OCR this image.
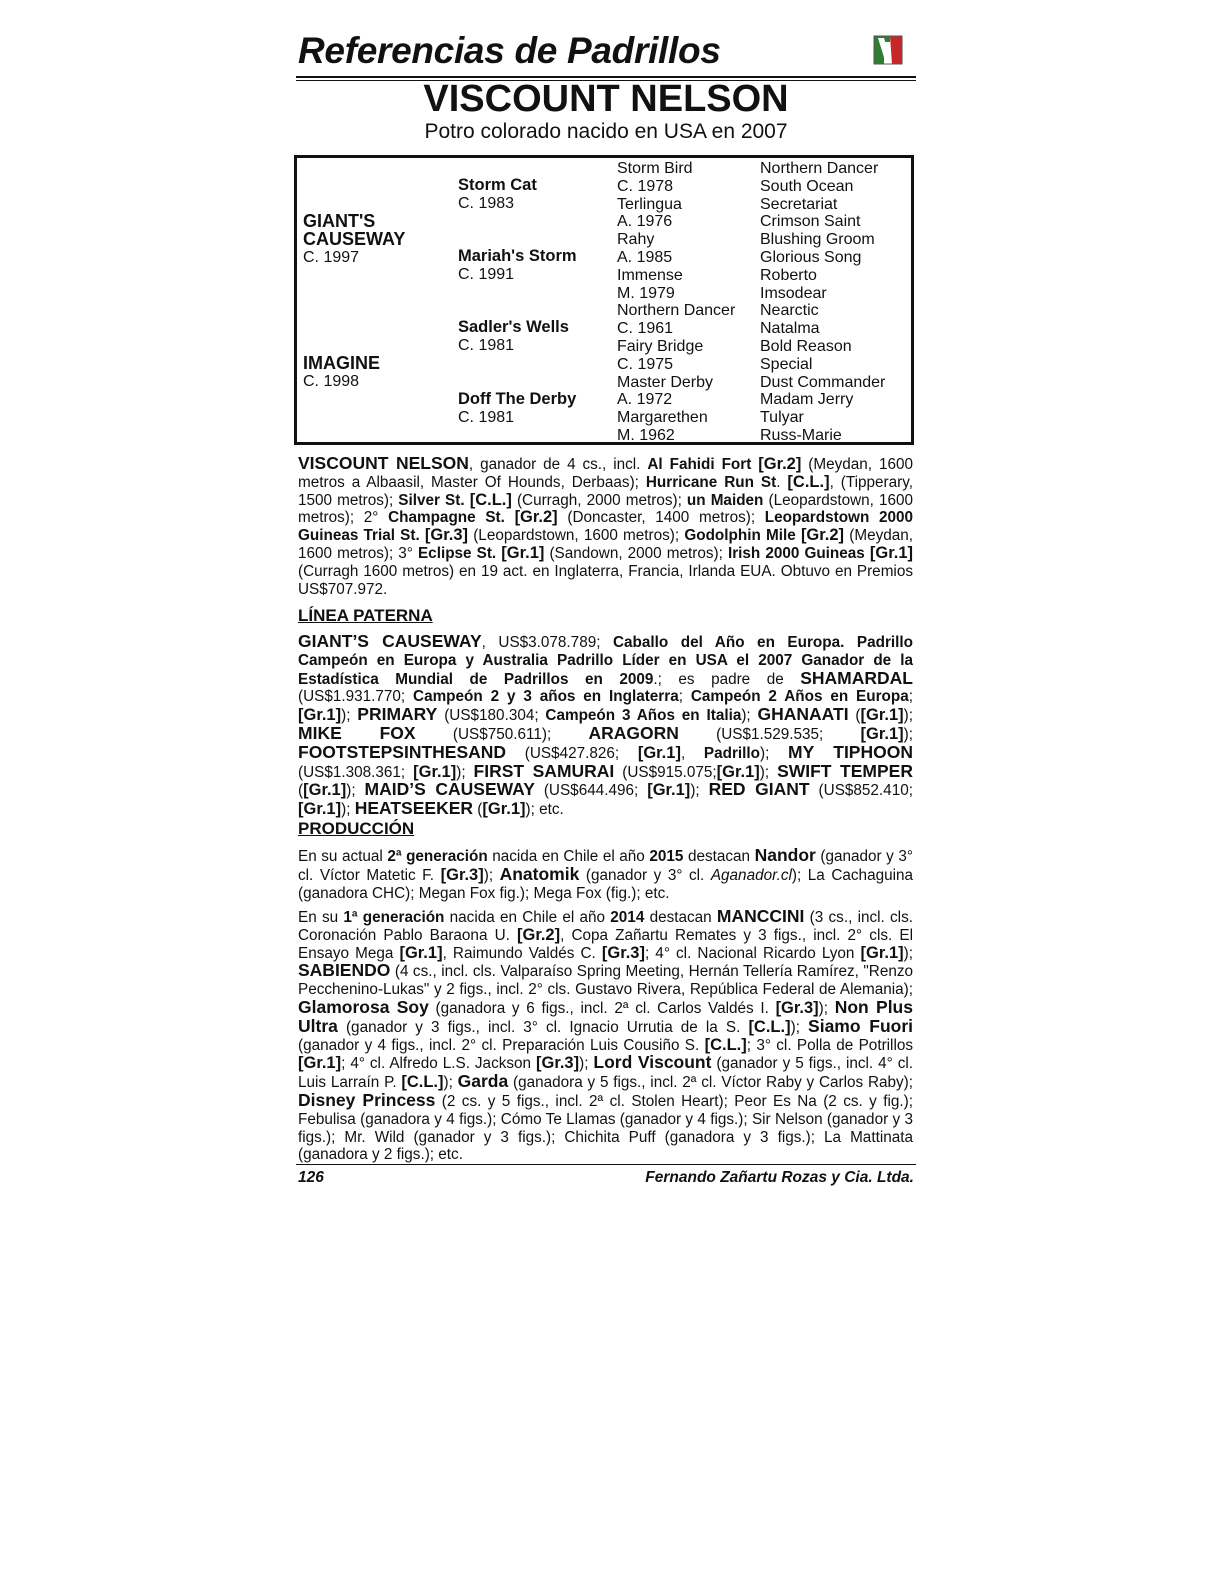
Referencias de Padrillos
VISCOUNT NELSON
Potro colorado nacido en USA en 2007
GIANT'S
CAUSEWAY
C. 1997
IMAGINE
C. 1998
Storm Cat
C. 1983
Mariah's Storm
C. 1991
Sadler's Wells
C. 1981
Doff The Derby
C. 1981
Storm Bird
C. 1978
Terlingua
A. 1976
Rahy
A. 1985
Immense
M. 1979
Northern Dancer
C. 1961
Fairy Bridge
C. 1975
Master Derby
A. 1972
Margarethen
M. 1962
Northern Dancer
South Ocean
Secretariat
Crimson Saint
Blushing Groom
Glorious Song
Roberto
Imsodear
Nearctic
Natalma
Bold Reason
Special
Dust Commander
Madam Jerry
Tulyar
Russ-Marie
VISCOUNT NELSON, ganador de 4 cs., incl. Al Fahidi Fort [Gr.2] (Meydan, 1600 metros a Albaasil, Master Of Hounds, Derbaas); Hurricane Run St. [C.L.], (Tipperary, 1500 metros); Silver St. [C.L.] (Curragh, 2000 metros); un Maiden (Leopardstown, 1600 metros); 2° Champagne St. [Gr.2] (Doncaster, 1400 metros); Leopardstown 2000 Guineas Trial St. [Gr.3] (Leopardstown, 1600 metros); Godolphin Mile [Gr.2] (Meydan, 1600 metros); 3° Eclipse St. [Gr.1] (Sandown, 2000 metros); Irish 2000 Guineas [Gr.1] (Curragh 1600 metros) en 19 act. en Inglaterra, Francia, Irlanda EUA. Obtuvo en Premios US$707.972.
LÍNEA PATERNA
GIANT’S CAUSEWAY, US$3.078.789; Caballo del Año en Europa. Padrillo Campeón en Europa y Australia Padrillo Líder en USA el 2007 Ganador de la Estadística Mundial de Padrillos en 2009.; es padre de SHAMARDAL (US$1.931.770; Campeón 2 y 3 años en Inglaterra; Campeón 2 Años en Europa; [Gr.1]); PRIMARY (US$180.304; Campeón 3 Años en Italia); GHANAATI ([Gr.1]); MIKE FOX (US$750.611); ARAGORN (US$1.529.535; [Gr.1]); FOOTSTEPSINTHESAND (US$427.826; [Gr.1], Padrillo); MY TIPHOON (US$1.308.361; [Gr.1]); FIRST SAMURAI (US$915.075;[Gr.1]); SWIFT TEMPER ([Gr.1]); MAID’S CAUSEWAY (US$644.496; [Gr.1]); RED GIANT (US$852.410; [Gr.1]); HEATSEEKER ([Gr.1]); etc.
PRODUCCIÓN
En su actual 2ª generación nacida en Chile el año 2015 destacan Nandor (ganador y 3° cl. Víctor Matetic F. [Gr.3]); Anatomik (ganador y 3° cl. Aganador.cl); La Cachaguina (ganadora CHC); Megan Fox fig.); Mega Fox (fig.); etc.
En su 1ª generación nacida en Chile el año 2014 destacan MANCCINI (3 cs., incl. cls. Coronación Pablo Baraona U. [Gr.2], Copa Zañartu Remates y 3 figs., incl. 2° cls. El Ensayo Mega [Gr.1], Raimundo Valdés C. [Gr.3]; 4° cl. Nacional Ricardo Lyon [Gr.1]); SABIENDO (4 cs., incl. cls. Valparaíso Spring Meeting, Hernán Tellería Ramírez, "Renzo Pecchenino-Lukas" y 2 figs., incl. 2° cls. Gustavo Rivera, República Federal de Alemania); Glamorosa Soy (ganadora y 6 figs., incl. 2ª cl. Carlos Valdés I. [Gr.3]); Non Plus Ultra (ganador y 3 figs., incl. 3° cl. Ignacio Urrutia de la S. [C.L.]); Siamo Fuori (ganador y 4 figs., incl. 2° cl. Preparación Luis Cousiño S. [C.L.]; 3° cl. Polla de Potrillos [Gr.1]; 4° cl. Alfredo L.S. Jackson [Gr.3]); Lord Viscount (ganador y 5 figs., incl. 4° cl. Luis Larraín P. [C.L.]); Garda (ganadora y 5 figs., incl. 2ª cl. Víctor Raby y Carlos Raby); Disney Princess (2 cs. y 5 figs., incl. 2ª cl. Stolen Heart); Peor Es Na (2 cs. y fig.); Febulisa (ganadora y 4 figs.); Cómo Te Llamas (ganador y 4 figs.); Sir Nelson (ganador y 3 figs.); Mr. Wild (ganador y 3 figs.); Chichita Puff (ganadora y 3 figs.); La Mattinata (ganadora y 2 figs.); etc.
126	Fernando Zañartu Rozas y Cia. Ltda.
